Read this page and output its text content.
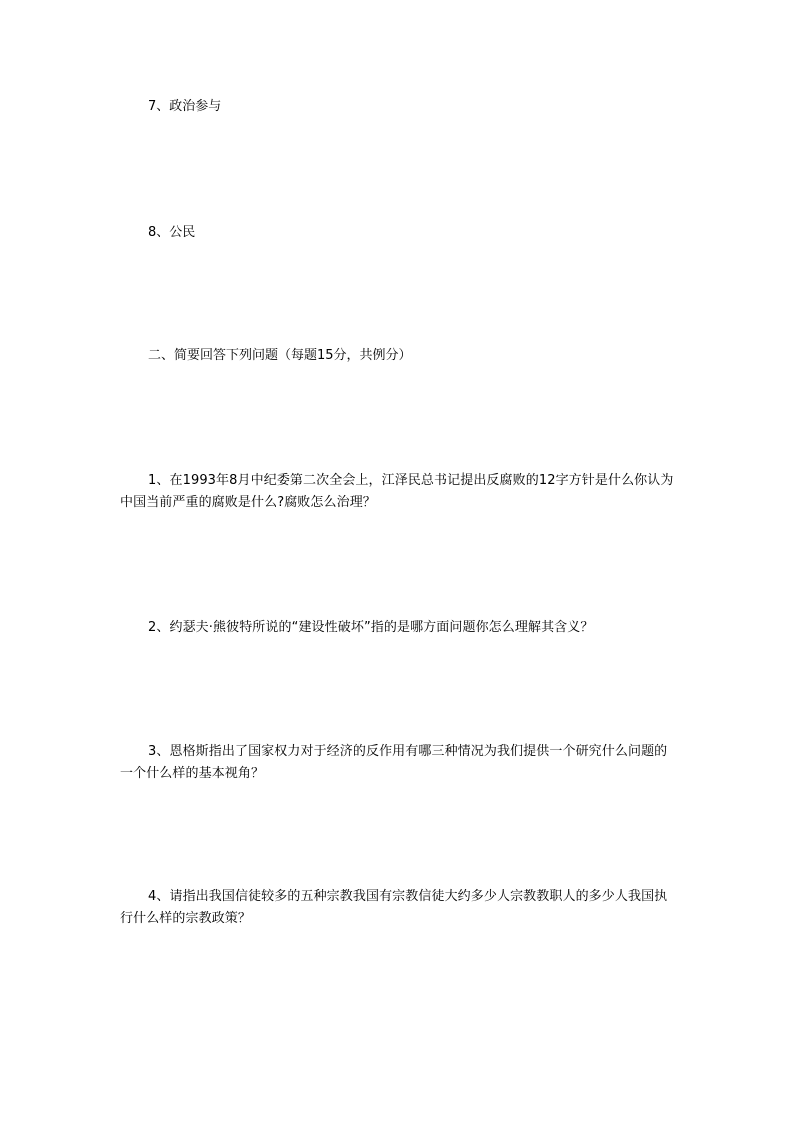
7、政治参与
8、公民
二、简要回答下列问题（每题15分，共例分）
1、在1993年8月中纪委第二次全会上，江泽民总书记提出反腐败的12字方针是什么你认为中国当前严重的腐败是什么?腐败怎么治理？
2、约瑟夫·熊彼特所说的“建设性破坏”指的是哪方面问题你怎么理解其含义？
3、恩格斯指出了国家权力对于经济的反作用有哪三种情况为我们提供一个研究什么问题的一个什么样的基本视角？
4、请指出我国信徒较多的五种宗教我国有宗教信徒大约多少人宗教教职人的多少人我国执行什么样的宗教政策？
